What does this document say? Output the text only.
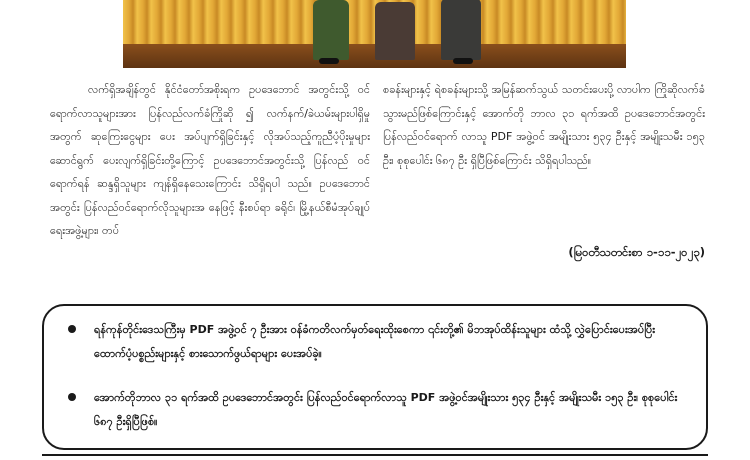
လက်ရှိအချိန်တွင် နိုင်ငံတော်အစိုးရက ဥပဒေဘောင် အတွင်းသို့ ဝင်ရောက်လာသူများအား ပြန်လည်လက်ခံကြိုဆို ၍ လက်နက်/ခဲယမ်းများပါရှိမှုအတွက် ဆုကြေးငွေများ ပေး အပ်ပျက်ရှိခြင်းနှင့် လိုအပ်သည့်ကူညီပံ့ပိုးမှုများ ဆောင်ရွက် ပေးလျက်ရှိခြင်းတို့ကြောင့် ဥပဒေဘောင်အတွင်းသို့ ပြန်လည် ဝင်ရောက်ရန် ဆန္ဒရှိသူများ ကျန်ရှိနေသေးကြောင်း သိရှိရပါ သည်။ ဥပဒေဘောင်အတွင်း ပြန်လည်ဝင်ရောက်လိုသူများအ နေဖြင့် နီးစပ်ရာ ခရိုင်၊ မြို့နယ်စီမံအုပ်ချုပ်ရေးအဖွဲ့များ၊ တပ်

စခန်းများနှင့် ရဲစခန်းများသို့ အမြန်ဆက်သွယ် သတင်းပေးပို့ လာပါက ကြိုဆိုလက်ခံသွားမည်ဖြစ်ကြောင်းနှင့် အောက်တို ဘာလ ၃၁ ရက်အထိ ဥပဒေဘောင်အတွင်း ပြန်လည်ဝင်ရောက် လာသူ PDF အဖွဲ့ဝင် အမျိုးသား ၅၃၄ ဦးနှင့် အမျိုးသမီး ၁၅၃ ဦး၊ စုစုပေါင်း ၆၈၇ ဦး ရှိပြီဖြစ်ကြောင်း သိရှိရပါသည်။

(မြဝတီသတင်းစာ ၁-၁၁-၂၀၂၃)
ရန်ကုန်တိုင်းဒေသကြီးမှ PDF အဖွဲ့ဝင် ၇ ဦးအား ဝန်ခံကတိလက်မှတ်ရေးထိုးစေကာ ၎င်းတို့၏ မိဘအုပ်ထိန်းသူများ ထံသို့ လွှဲပြောင်းပေးအပ်ပြီး ထောက်ပံ့ပစ္စည်းများနှင့် စားသောက်ဖွယ်ရာများ ပေးအပ်ခဲ့။
အောက်တိုဘာလ ၃၁ ရက်အထိ ဥပဒေဘောင်အတွင်း ပြန်လည်ဝင်ရောက်လာသူ PDF အဖွဲ့ဝင်အမျိုးသား ၅၃၄ ဦးနှင့် အမျိုးသမီး ၁၅၃ ဦး၊ စုစုပေါင်း ၆၈၇ ဦးရှိပြီဖြစ်။
